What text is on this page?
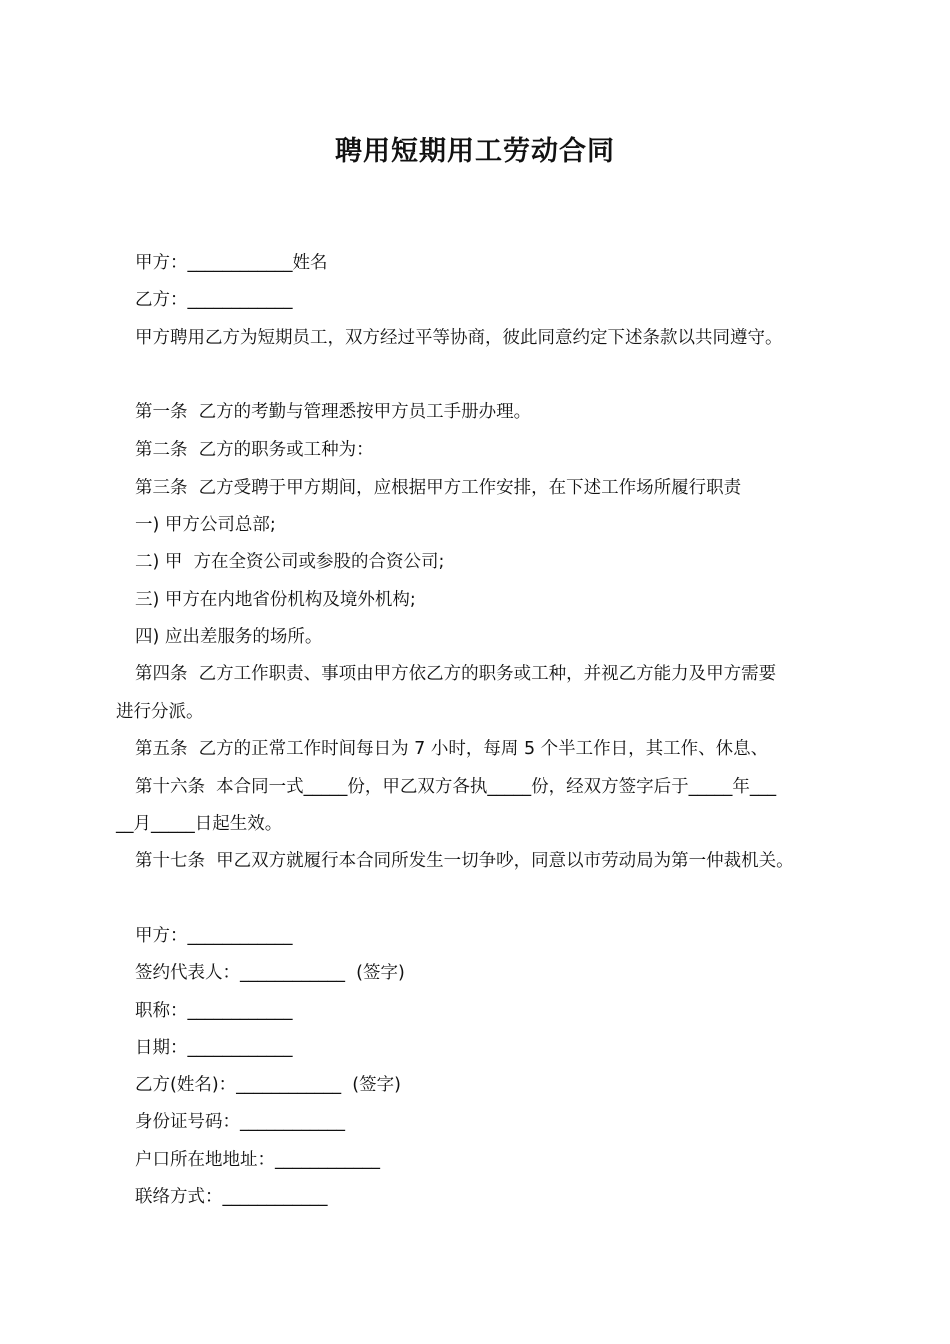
聘用短期用工劳动合同
甲方：____________姓名
乙方：____________
甲方聘用乙方为短期员工，双方经过平等协商，彼此同意约定下述条款以共同遵守。
第一条  乙方的考勤与管理悉按甲方员工手册办理。
第二条  乙方的职务或工种为：
第三条  乙方受聘于甲方期间，应根据甲方工作安排，在下述工作场所履行职责
一) 甲方公司总部;
二) 甲  方在全资公司或参股的合资公司;
三) 甲方在内地省份机构及境外机构;
四) 应出差服务的场所。
第四条  乙方工作职责、事项由甲方依乙方的职务或工种，并视乙方能力及甲方需要
进行分派。
第五条  乙方的正常工作时间每日为 7 小时，每周 5 个半工作日，其工作、休息、
第十六条  本合同一式_____份，甲乙双方各执_____份，经双方签字后于_____年___
__月_____日起生效。
第十七条  甲乙双方就履行本合同所发生一切争吵，同意以市劳动局为第一仲裁机关。
甲方：____________
签约代表人：____________  (签字)
职称：____________
日期：____________
乙方(姓名)：____________  (签字)
身份证号码：____________
户口所在地地址：____________
联络方式：____________
